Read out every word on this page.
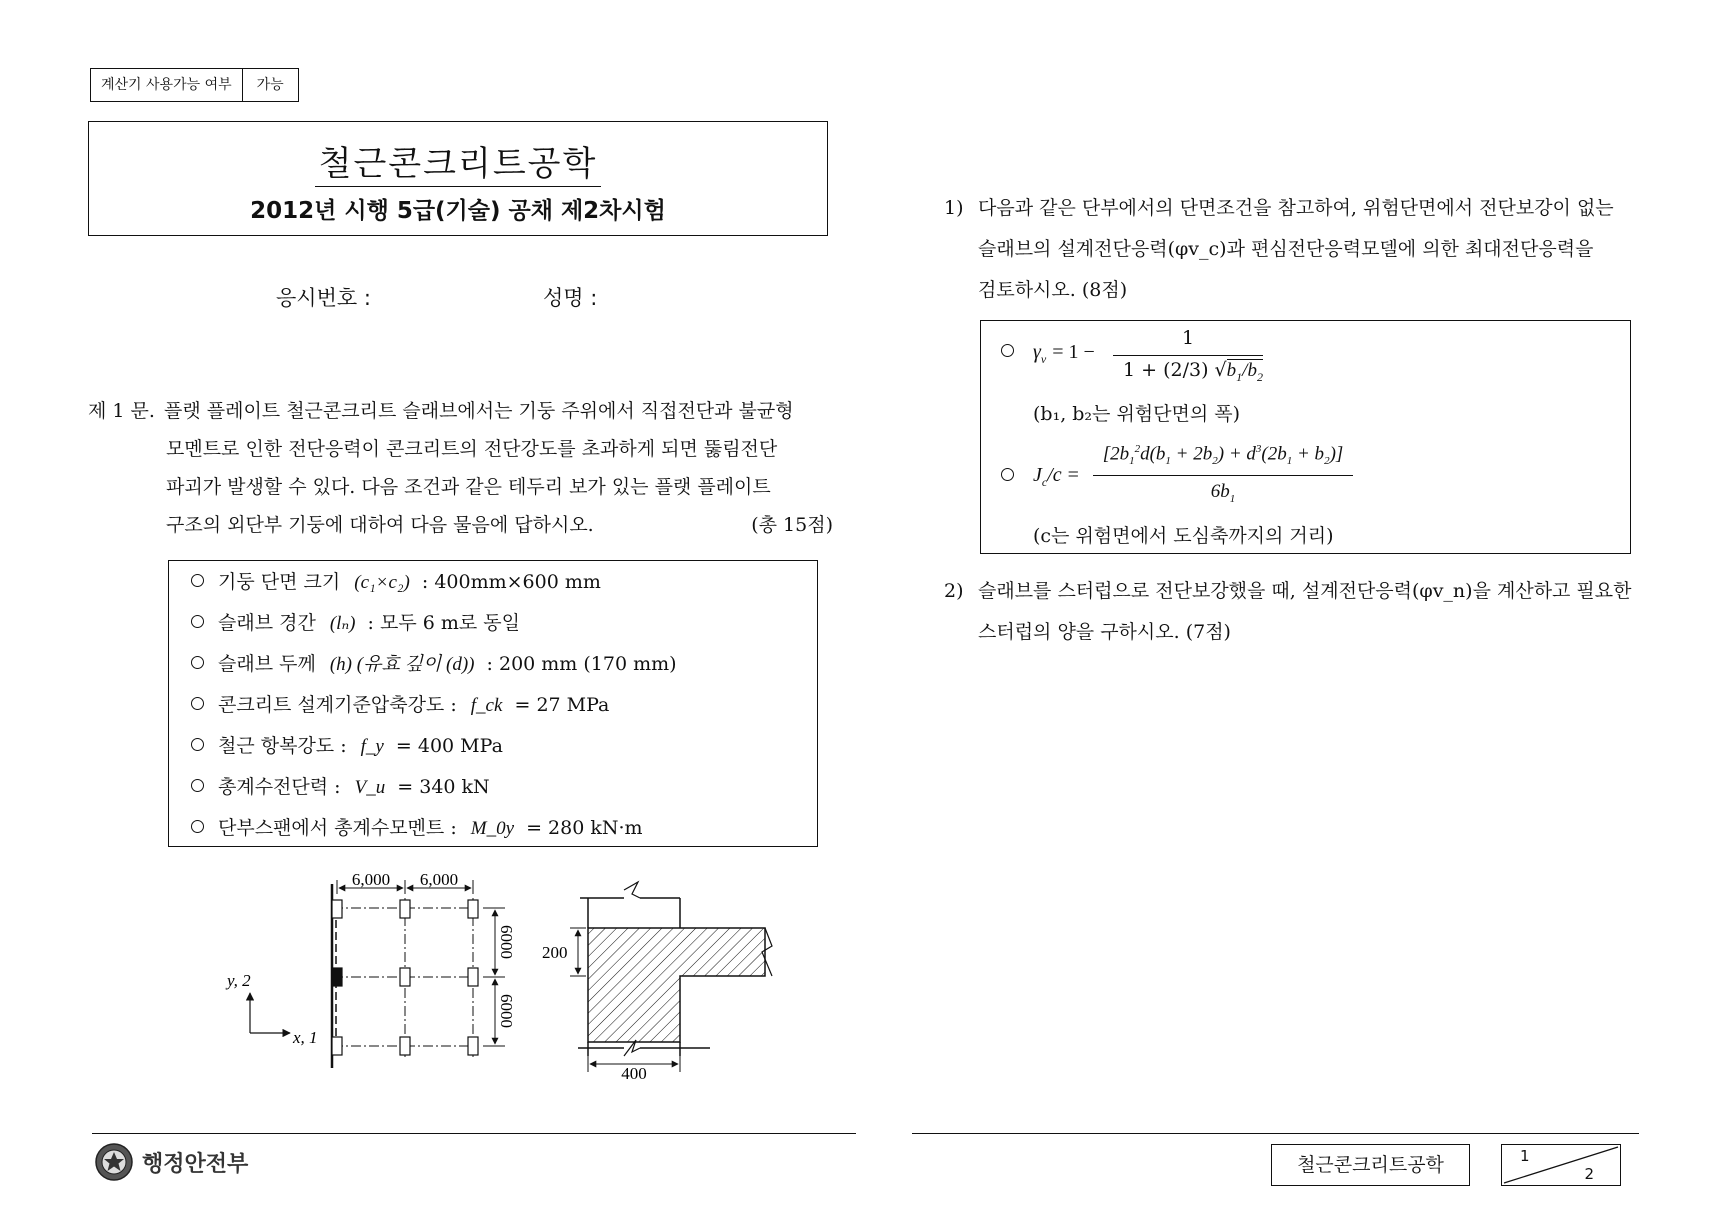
계산기 사용가능 여부	가능
철근콘크리트공학
2012년 시행 5급(기술) 공채 제2차시험
응시번호 :	성명 :
제 1 문. 플랫 플레이트 철근콘크리트 슬래브에서는 기둥 주위에서 직접전단과 불균형
모멘트로 인한 전단응력이 콘크리트의 전단강도를 초과하게 되면 뚫림전단
파괴가 발생할 수 있다. 다음 조건과 같은 테두리 보가 있는 플랫 플레이트
구조의 외단부 기둥에 대하여 다음 물음에 답하시오.	(총 15점)
기둥 단면 크기 (c₁×c₂) : 400mm×600 mm
슬래브 경간 (lₙ) : 모두 6 m로 동일
슬래브 두께 (h) (유효 깊이 (d)) : 200 mm (170 mm)
콘크리트 설계기준압축강도 : f_ck = 27 MPa
철근 항복강도 : f_y = 400 MPa
총계수전단력 : V_u = 340 kN
단부스팬에서 총계수모멘트 : M_0y = 280 kN·m
6,000 6,000
6000
6000
y, 2
x, 1
200
400
1) 다음과 같은 단부에서의 단면조건을 참고하여, 위험단면에서 전단보강이 없는
슬래브의 설계전단응력(φv_c)과 편심전단응력모델에 의한 최대전단응력을
검토하시오. (8점)
$\gamma_v = 1$ −
1
1 + (2/3) $√b_1/b_2$
(b₁, b₂는 위험단면의 폭)
$J_c/c$ =
$[2b_1^2d(b_1 + 2b_2) + d^3(2b_1 + b_2)]$
$6b_1$
(c는 위험면에서 도심축까지의 거리)
2) 슬래브를 스터럽으로 전단보강했을 때, 설계전단응력(φv_n)을 계산하고 필요한
스터럽의 양을 구하시오. (7점)
행정안전부	철근콘크리트공학	1
2
